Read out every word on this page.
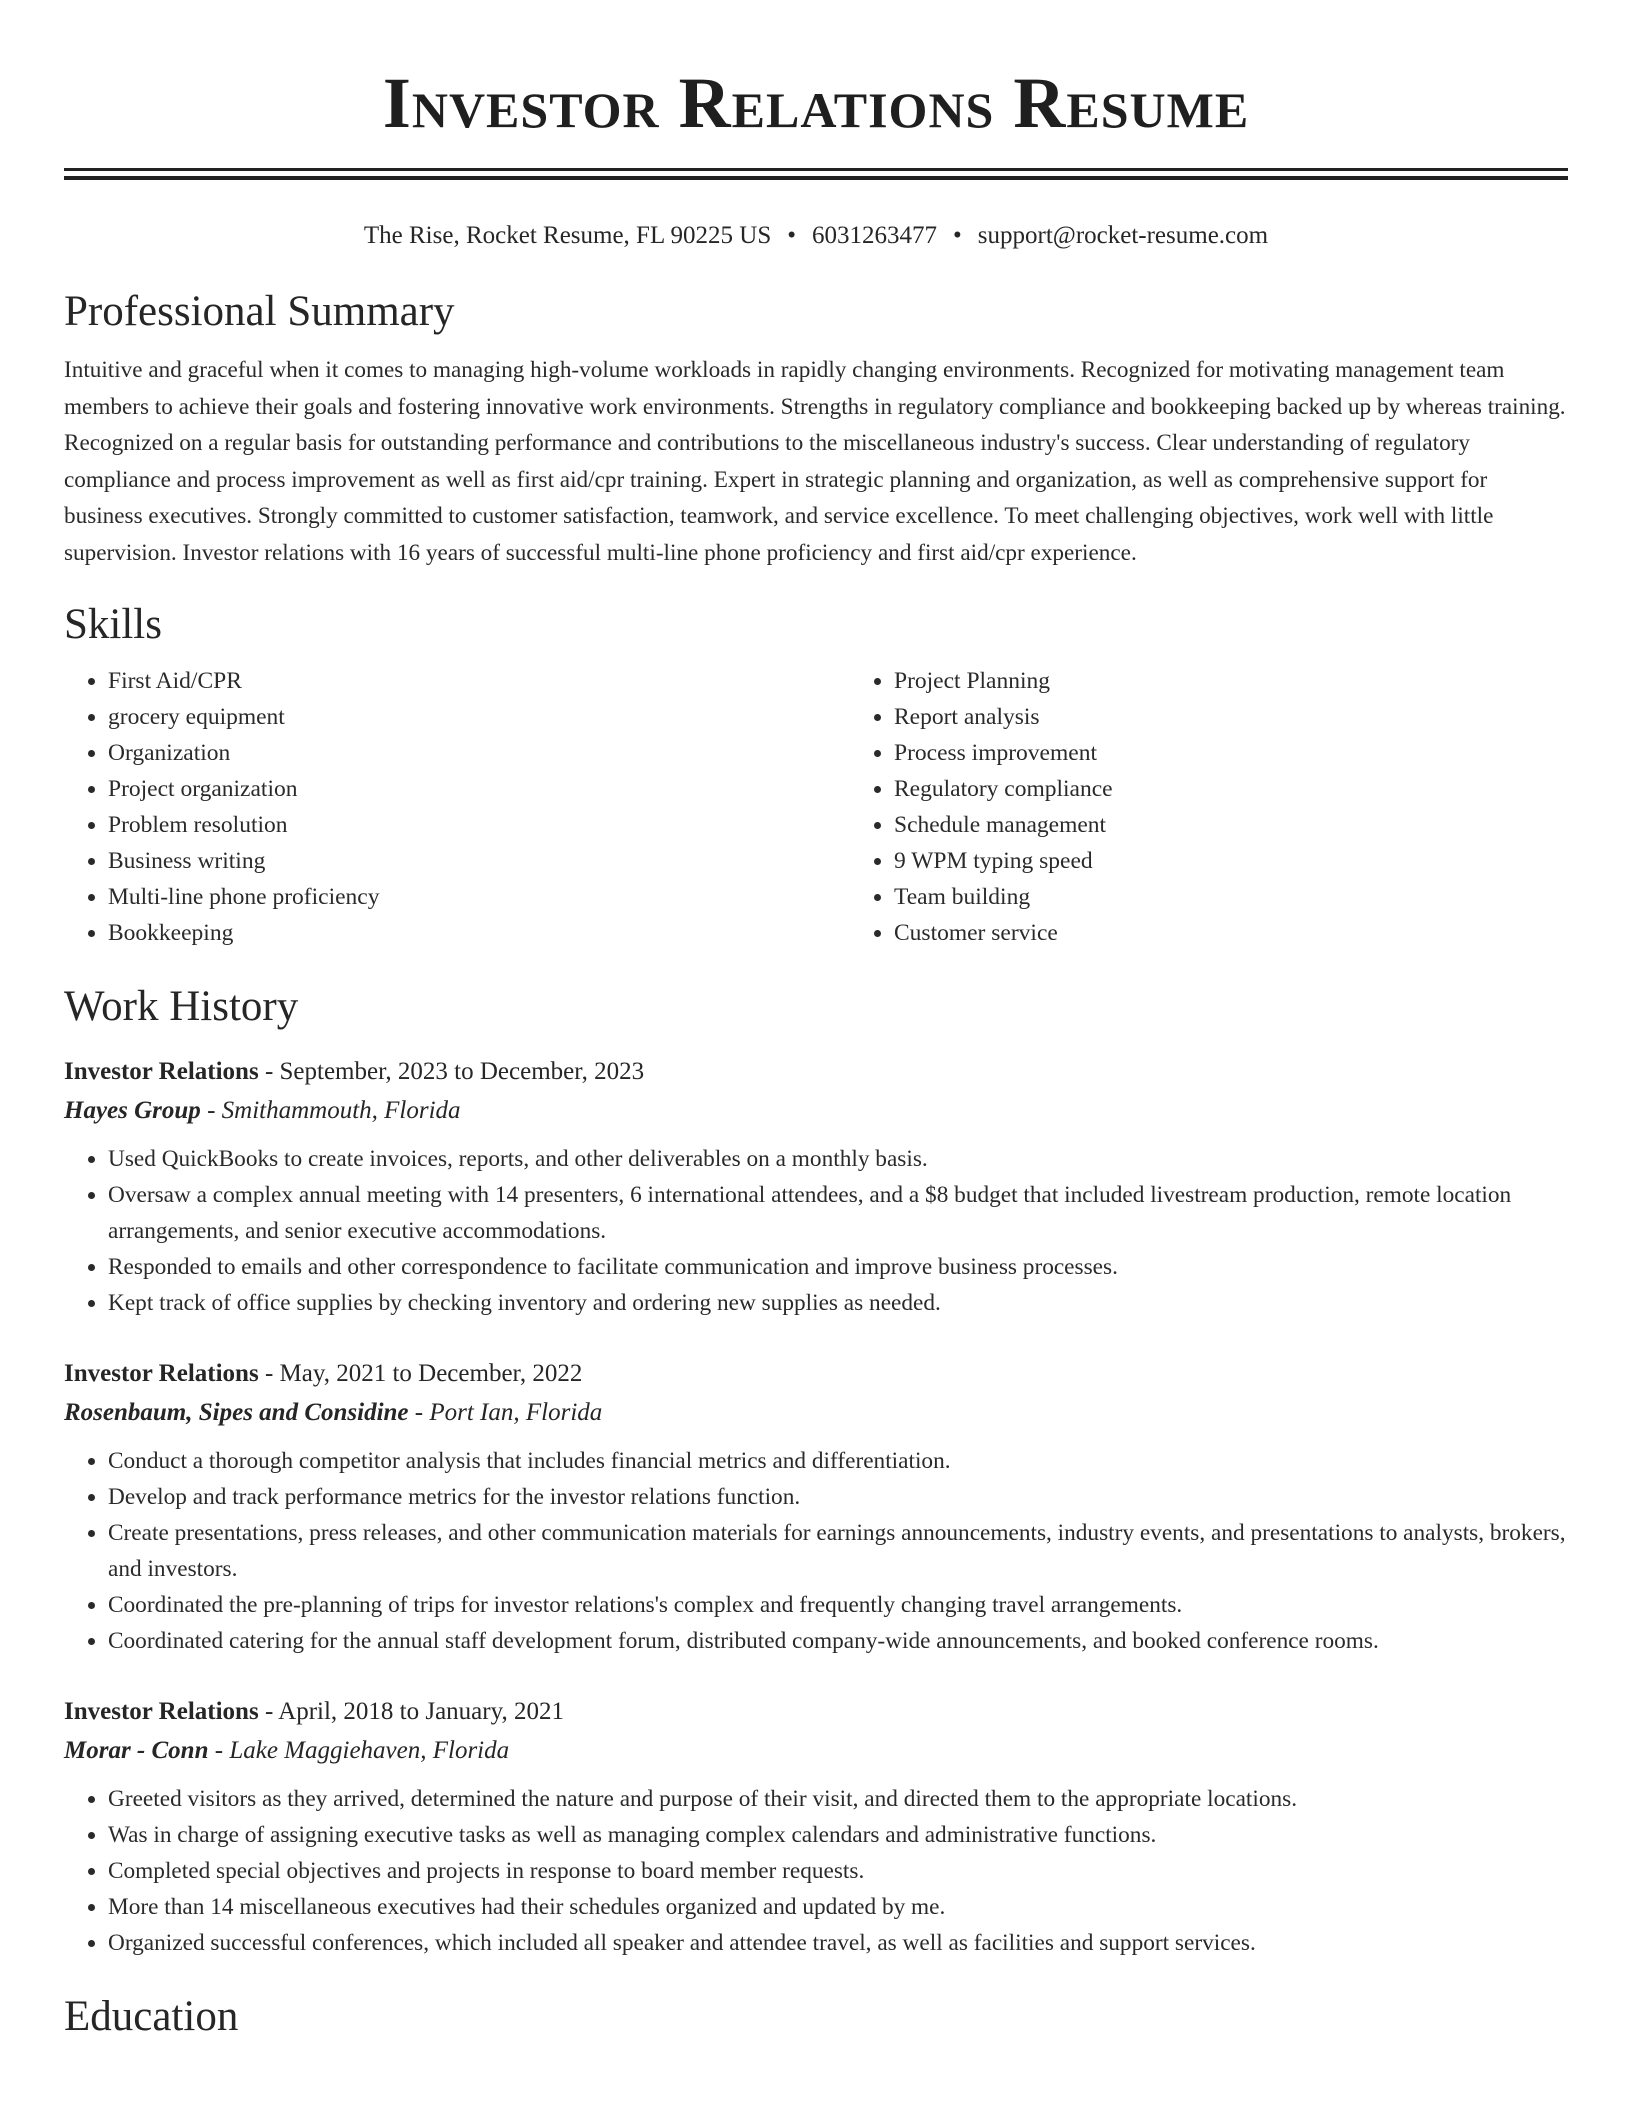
Investor Relations Resume
The Rise, Rocket Resume, FL 90225 US • 6031263477 • support@rocket-resume.com
Professional Summary

Intuitive and graceful when it comes to managing high-volume workloads in rapidly changing environments. Recognized for motivating management team members to achieve their goals and fostering innovative work environments. Strengths in regulatory compliance and bookkeeping backed up by whereas training. Recognized on a regular basis for outstanding performance and contributions to the miscellaneous industry's success. Clear understanding of regulatory compliance and process improvement as well as first aid/cpr training. Expert in strategic planning and organization, as well as comprehensive support for business executives. Strongly committed to customer satisfaction, teamwork, and service excellence. To meet challenging objectives, work well with little supervision. Investor relations with 16 years of successful multi-line phone proficiency and first aid/cpr experience.

Skills
• First Aid/CPR
• grocery equipment
• Organization
• Project organization
• Problem resolution
• Business writing
• Multi-line phone proficiency
• Bookkeeping
• Project Planning
• Report analysis
• Process improvement
• Regulatory compliance
• Schedule management
• 9 WPM typing speed
• Team building
• Customer service
Work History
Investor Relations - September, 2023 to December, 2023
Hayes Group - Smithammouth, Florida
• Used QuickBooks to create invoices, reports, and other deliverables on a monthly basis.
• Oversaw a complex annual meeting with 14 presenters, 6 international attendees, and a $8 budget that included livestream production, remote location arrangements, and senior executive accommodations.
• Responded to emails and other correspondence to facilitate communication and improve business processes.
• Kept track of office supplies by checking inventory and ordering new supplies as needed.
Investor Relations - May, 2021 to December, 2022
Rosenbaum, Sipes and Considine - Port Ian, Florida
• Conduct a thorough competitor analysis that includes financial metrics and differentiation.
• Develop and track performance metrics for the investor relations function.
• Create presentations, press releases, and other communication materials for earnings announcements, industry events, and presentations to analysts, brokers, and investors.
• Coordinated the pre-planning of trips for investor relations's complex and frequently changing travel arrangements.
• Coordinated catering for the annual staff development forum, distributed company-wide announcements, and booked conference rooms.
Investor Relations - April, 2018 to January, 2021
Morar - Conn - Lake Maggiehaven, Florida
• Greeted visitors as they arrived, determined the nature and purpose of their visit, and directed them to the appropriate locations.
• Was in charge of assigning executive tasks as well as managing complex calendars and administrative functions.
• Completed special objectives and projects in response to board member requests.
• More than 14 miscellaneous executives had their schedules organized and updated by me.
• Organized successful conferences, which included all speaker and attendee travel, as well as facilities and support services.
Education
